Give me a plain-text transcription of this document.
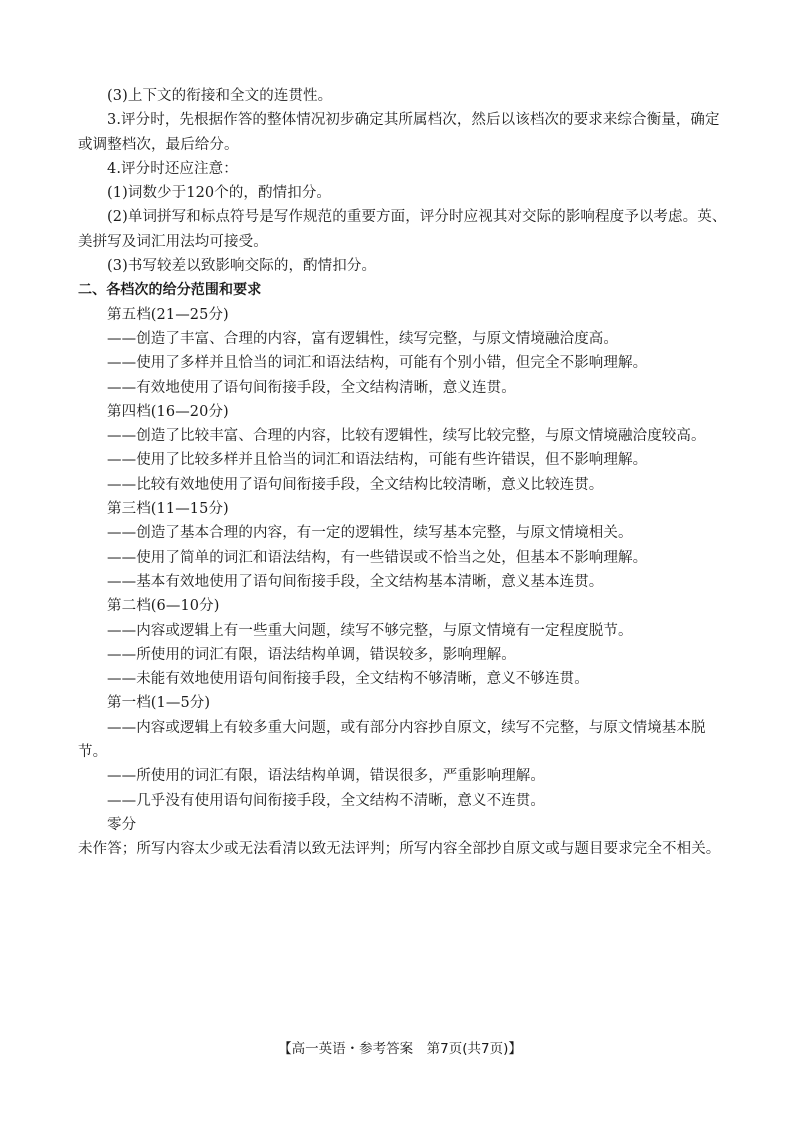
(3)上下文的衔接和全文的连贯性。
3.评分时，先根据作答的整体情况初步确定其所属档次，然后以该档次的要求来综合衡量，确定或调整档次，最后给分。
4.评分时还应注意：
(1)词数少于120个的，酌情扣分。
(2)单词拼写和标点符号是写作规范的重要方面，评分时应视其对交际的影响程度予以考虑。英、美拼写及词汇用法均可接受。
(3)书写较差以致影响交际的，酌情扣分。
二、各档次的给分范围和要求
第五档(21—25分)
——创造了丰富、合理的内容，富有逻辑性，续写完整，与原文情境融洽度高。
——使用了多样并且恰当的词汇和语法结构，可能有个别小错，但完全不影响理解。
——有效地使用了语句间衔接手段，全文结构清晰，意义连贯。
第四档(16—20分)
——创造了比较丰富、合理的内容，比较有逻辑性，续写比较完整，与原文情境融洽度较高。
——使用了比较多样并且恰当的词汇和语法结构，可能有些许错误，但不影响理解。
——比较有效地使用了语句间衔接手段，全文结构比较清晰，意义比较连贯。
第三档(11—15分)
——创造了基本合理的内容，有一定的逻辑性，续写基本完整，与原文情境相关。
——使用了简单的词汇和语法结构，有一些错误或不恰当之处，但基本不影响理解。
——基本有效地使用了语句间衔接手段，全文结构基本清晰，意义基本连贯。
第二档(6—10分)
——内容或逻辑上有一些重大问题，续写不够完整，与原文情境有一定程度脱节。
——所使用的词汇有限，语法结构单调，错误较多，影响理解。
——未能有效地使用语句间衔接手段，全文结构不够清晰，意义不够连贯。
第一档(1—5分)
——内容或逻辑上有较多重大问题，或有部分内容抄自原文，续写不完整，与原文情境基本脱节。
——所使用的词汇有限，语法结构单调，错误很多，严重影响理解。
——几乎没有使用语句间衔接手段，全文结构不清晰，意义不连贯。
零分
未作答；所写内容太少或无法看清以致无法评判；所写内容全部抄自原文或与题目要求完全不相关。
【高一英语・参考答案　第7页(共7页)】
